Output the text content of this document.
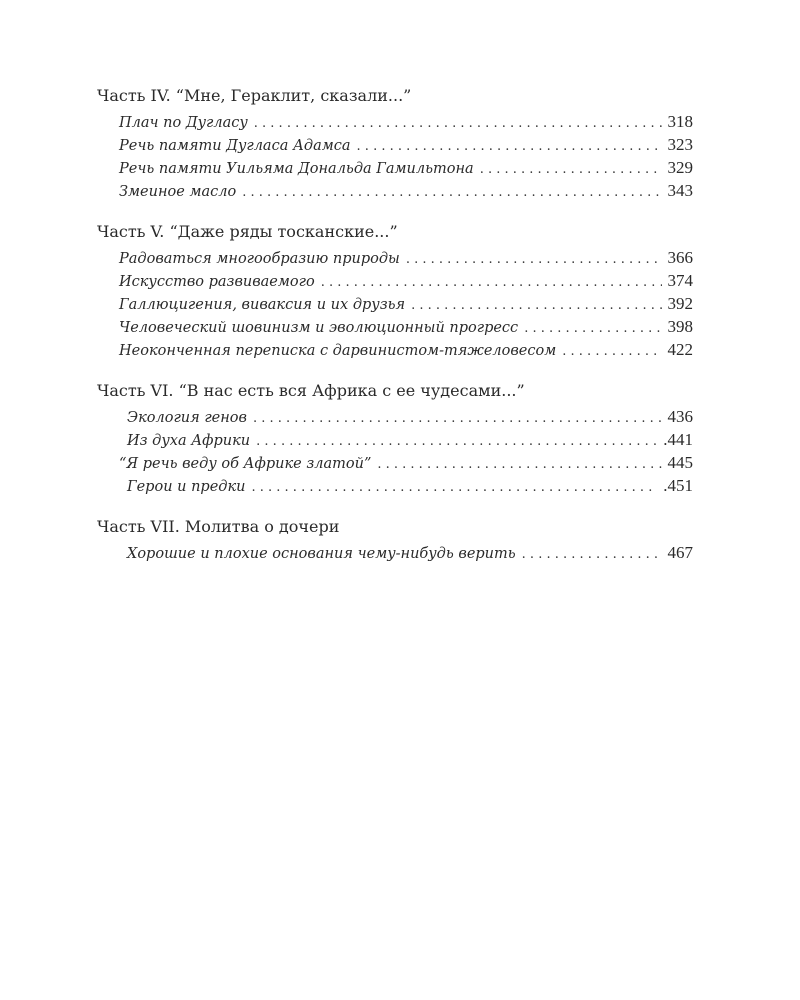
Часть IV. “Мне, Гераклит, сказали...”
Плач по Дугласу . . .	318
Речь памяти Дугласа Адамса . . .	323
Речь памяти Уильяма Дональда Гамильтона . . .	329
Змеиное масло . . .	343
Часть V. “Даже ряды тосканские...”
Радоваться многообразию природы . . .	366
Искусство развиваемого . . .	374
Галлюцигения, виваксия и их друзья . . .	392
Человеческий шовинизм и эволюционный прогресс . . .	398
Неоконченная переписка с дарвинистом-тяжеловесом . . .	422
Часть VI. “В нас есть вся Африка с ее чудесами...”
Экология генов . . .	436
Из духа Африки . . .	.441
“Я речь веду об Африке златой” . . .	445
Герои и предки . . .	.451
Часть VII. Молитва о дочери
Хорошие и плохие основания чему-нибудь верить . . .	467
